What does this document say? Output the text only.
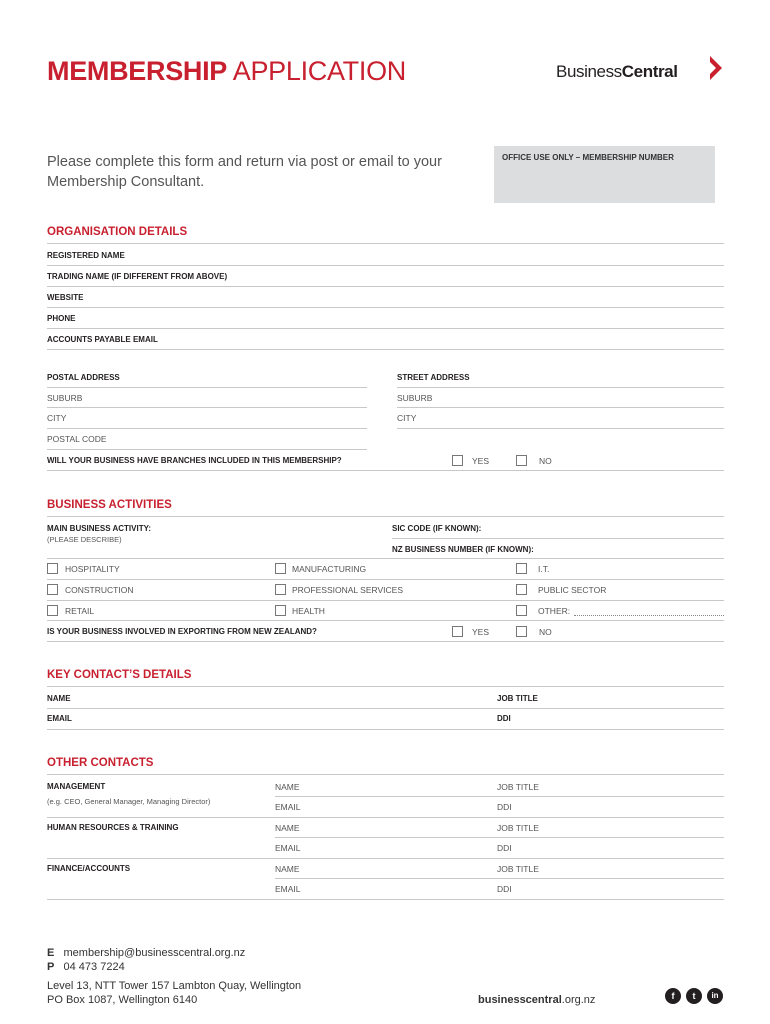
MEMBERSHIP APPLICATION	BusinessCentral
Please complete this form and return via post or email to your Membership Consultant.
OFFICE USE ONLY – MEMBERSHIP NUMBER
ORGANISATION DETAILS
REGISTERED NAME
TRADING NAME (IF DIFFERENT FROM ABOVE)
WEBSITE
PHONE
ACCOUNTS PAYABLE EMAIL
POSTAL ADDRESS	STREET ADDRESS
SUBURB	SUBURB
CITY	CITY
POSTAL CODE
WILL YOUR BUSINESS HAVE BRANCHES INCLUDED IN THIS MEMBERSHIP?	YES	NO
BUSINESS ACTIVITIES
MAIN BUSINESS ACTIVITY:
(PLEASE DESCRIBE)
SIC CODE (IF KNOWN):
NZ BUSINESS NUMBER (IF KNOWN):
HOSPITALITY	MANUFACTURING	I.T.
CONSTRUCTION	PROFESSIONAL SERVICES	PUBLIC SECTOR
RETAIL	HEALTH	OTHER:
IS YOUR BUSINESS INVOLVED IN EXPORTING FROM NEW ZEALAND?	YES	NO
KEY CONTACT’S DETAILS
NAME	JOB TITLE
EMAIL	DDI
OTHER CONTACTS
MANAGEMENT
(e.g. CEO, General Manager, Managing Director)
NAME	JOB TITLE
EMAIL	DDI
HUMAN RESOURCES & TRAINING	NAME	JOB TITLE
EMAIL	DDI
FINANCE/ACCOUNTS	NAME	JOB TITLE
EMAIL	DDI
E membership@businesscentral.org.nz
P 04 473 7224
Level 13, NTT Tower 157 Lambton Quay, Wellington
PO Box 1087, Wellington 6140	businesscentral.org.nz	f	t	in
